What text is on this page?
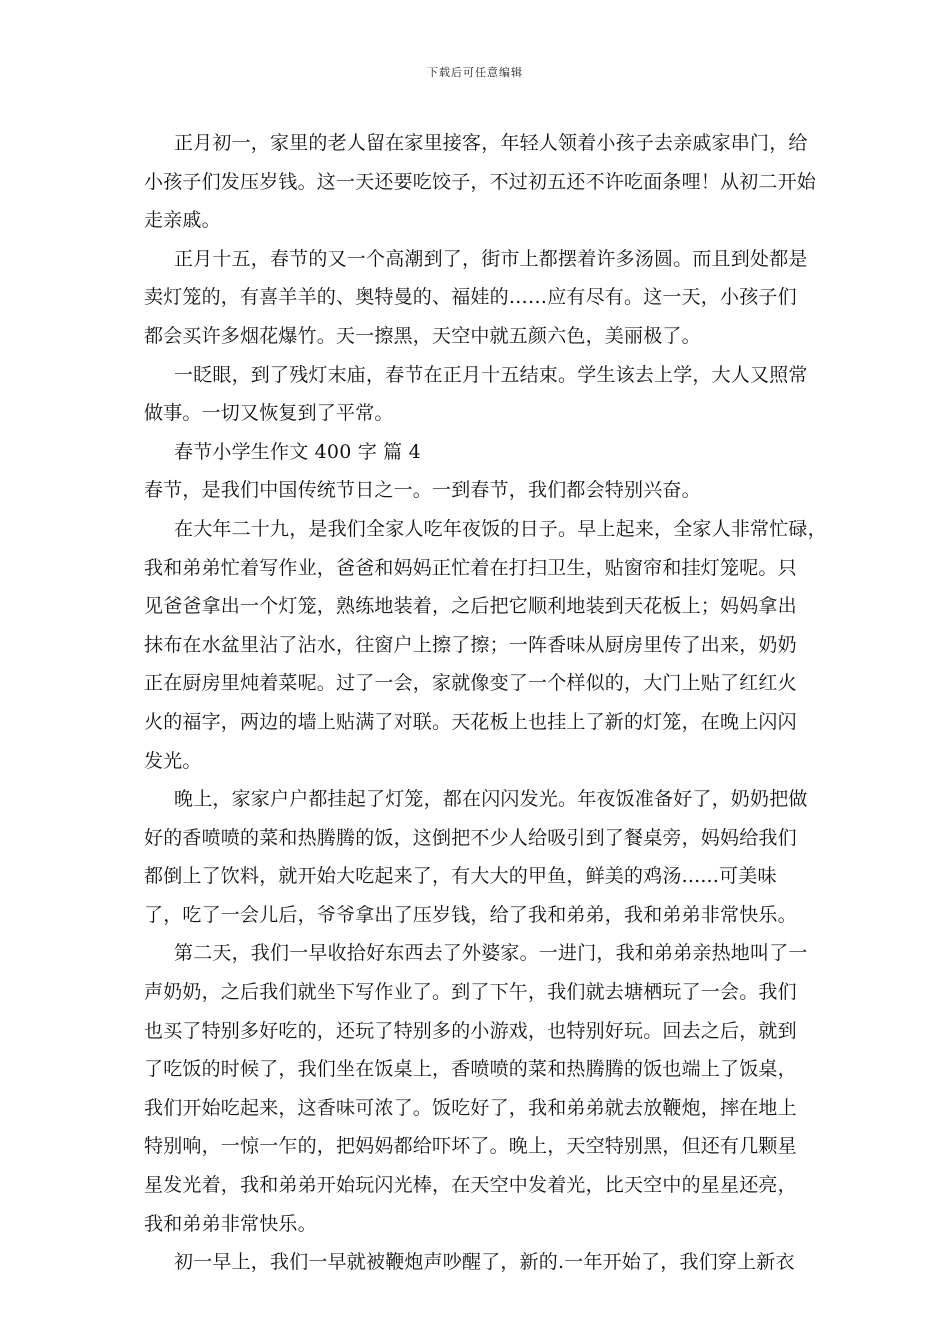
下载后可任意编辑
正月初一，家里的老人留在家里接客，年轻人领着小孩子去亲戚家串门，给
小孩子们发压岁钱。这一天还要吃饺子，不过初五还不许吃面条哩！从初二开始
走亲戚。
正月十五，春节的又一个高潮到了，街市上都摆着许多汤圆。而且到处都是
卖灯笼的，有喜羊羊的、奥特曼的、福娃的……应有尽有。这一天，小孩子们
都会买许多烟花爆竹。天一擦黑，天空中就五颜六色，美丽极了。
一眨眼，到了残灯末庙，春节在正月十五结束。学生该去上学，大人又照常
做事。一切又恢复到了平常。
春节小学生作文 400 字 篇 4
春节，是我们中国传统节日之一。一到春节，我们都会特别兴奋。
在大年二十九，是我们全家人吃年夜饭的日子。早上起来，全家人非常忙碌，
我和弟弟忙着写作业，爸爸和妈妈正忙着在打扫卫生，贴窗帘和挂灯笼呢。只
见爸爸拿出一个灯笼，熟练地装着，之后把它顺利地装到天花板上；妈妈拿出
抹布在水盆里沾了沾水，往窗户上擦了擦；一阵香味从厨房里传了出来，奶奶
正在厨房里炖着菜呢。过了一会，家就像变了一个样似的，大门上贴了红红火
火的福字，两边的墙上贴满了对联。天花板上也挂上了新的灯笼，在晚上闪闪
发光。
晚上，家家户户都挂起了灯笼，都在闪闪发光。年夜饭准备好了，奶奶把做
好的香喷喷的菜和热腾腾的饭，这倒把不少人给吸引到了餐桌旁，妈妈给我们
都倒上了饮料，就开始大吃起来了，有大大的甲鱼，鲜美的鸡汤......可美味
了，吃了一会儿后，爷爷拿出了压岁钱，给了我和弟弟，我和弟弟非常快乐。
第二天，我们一早收拾好东西去了外婆家。一进门，我和弟弟亲热地叫了一
声奶奶，之后我们就坐下写作业了。到了下午，我们就去塘栖玩了一会。我们
也买了特别多好吃的，还玩了特别多的小游戏，也特别好玩。回去之后，就到
了吃饭的时候了，我们坐在饭桌上，香喷喷的菜和热腾腾的饭也端上了饭桌，
我们开始吃起来，这香味可浓了。饭吃好了，我和弟弟就去放鞭炮，摔在地上
特别响，一惊一乍的，把妈妈都给吓坏了。晚上，天空特别黑，但还有几颗星
星发光着，我和弟弟开始玩闪光棒，在天空中发着光，比天空中的星星还亮，
我和弟弟非常快乐。
初一早上，我们一早就被鞭炮声吵醒了，新的.一年开始了，我们穿上新衣
